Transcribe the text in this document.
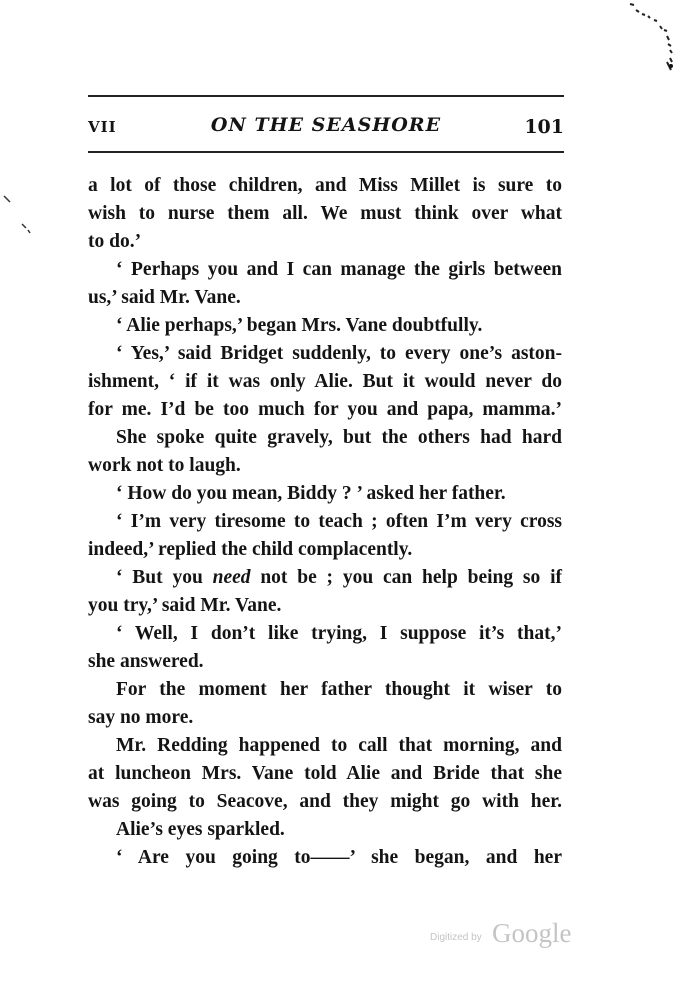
VII	ON THE SEASHORE	101
a lot of those children, and Miss Millet is sure to
wish to nurse them all. We must think over what
to do.’
‘ Perhaps you and I can manage the girls between
us,’ said Mr. Vane.
‘ Alie perhaps,’ began Mrs. Vane doubtfully.
‘ Yes,’ said Bridget suddenly, to every one’s aston-
ishment, ‘ if it was only Alie. But it would never do
for me. I’d be too much for you and papa, mamma.’
She spoke quite gravely, but the others had hard
work not to laugh.
‘ How do you mean, Biddy ? ’ asked her father.
‘ I’m very tiresome to teach ; often I’m very cross
indeed,’ replied the child complacently.
‘ But you need not be ; you can help being so if
you try,’ said Mr. Vane.
‘ Well, I don’t like trying, I suppose it’s that,’
she answered.
For the moment her father thought it wiser to
say no more.
Mr. Redding happened to call that morning, and
at luncheon Mrs. Vane told Alie and Bride that she
was going to Seacove, and they might go with her.
Alie’s eyes sparkled.
‘ Are you going to——’ she began, and her
Digitized by Google
